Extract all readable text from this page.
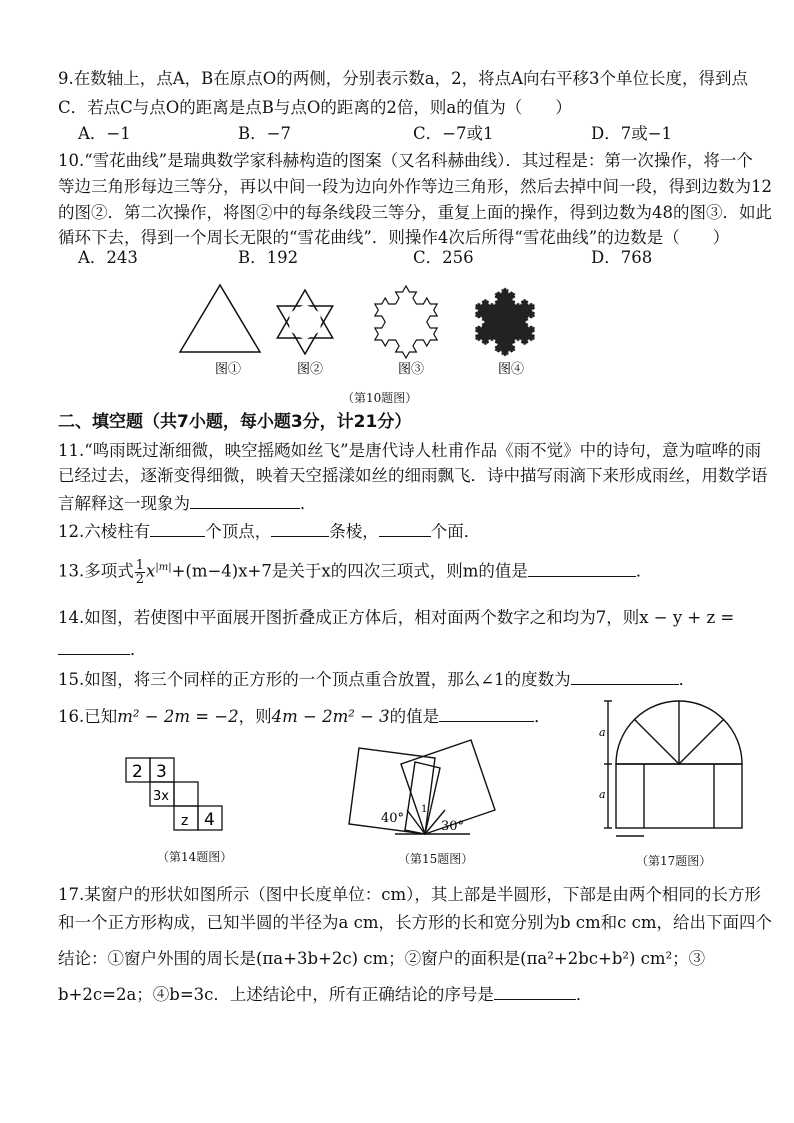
9.在数轴上，点A，B在原点O的两侧，分别表示数a，2，将点A向右平移3个单位长度，得到点
C．若点C与点O的距离是点B与点O的距离的2倍，则a的值为（　　）
A．−1	B．−7	C．−7或1	D．7或−1
10.“雪花曲线”是瑞典数学家科赫构造的图案（又名科赫曲线）．其过程是：第一次操作，将一个
等边三角形每边三等分，再以中间一段为边向外作等边三角形，然后去掉中间一段，得到边数为12
的图②．第二次操作，将图②中的每条线段三等分，重复上面的操作，得到边数为48的图③．如此
循环下去，得到一个周长无限的“雪花曲线”．则操作4次后所得“雪花曲线”的边数是（　　）
A．243	B．192	C．256	D．768
图①	图②	图③	图④
（第10题图）
二、填空题（共7小题，每小题3分，计21分）
11.“鸣雨既过渐细微，映空摇飏如丝飞”是唐代诗人杜甫作品《雨不觉》中的诗句，意为喧哗的雨
已经过去，逐渐变得细微，映着天空摇漾如丝的细雨飘飞．诗中描写雨滴下来形成雨丝，用数学语
言解释这一现象为	．
12.六棱柱有	个顶点，	条棱，	个面．
13.多项式 $\frac{1}{2} x^{|m|}+(m-4)x+7$是关于x的四次三项式，则m的值是	．
14.如图，若使图中平面展开图折叠成正方体后，相对面两个数字之和均为7，则x − y + z =
．
15.如图，将三个同样的正方形的一个顶点重合放置，那么∠1的度数为	．
16.已知m² − 2m = −2，则4m − 2m² − 3的值是	．
2 3
3x
z 4
（第14题图）
40°
30°
1
（第15题图）
a
a
（第17题图）
17.某窗户的形状如图所示（图中长度单位：cm），其上部是半圆形，下部是由两个相同的长方形
和一个正方形构成，已知半圆的半径为a cm，长方形的长和宽分别为b cm和c cm，给出下面四个
结论：①窗户外围的周长是(πa+3b+2c) cm；②窗户的面积是(πa²+2bc+b²) cm²；③
b+2c=2a；④b=3c．上述结论中，所有正确结论的序号是	．
